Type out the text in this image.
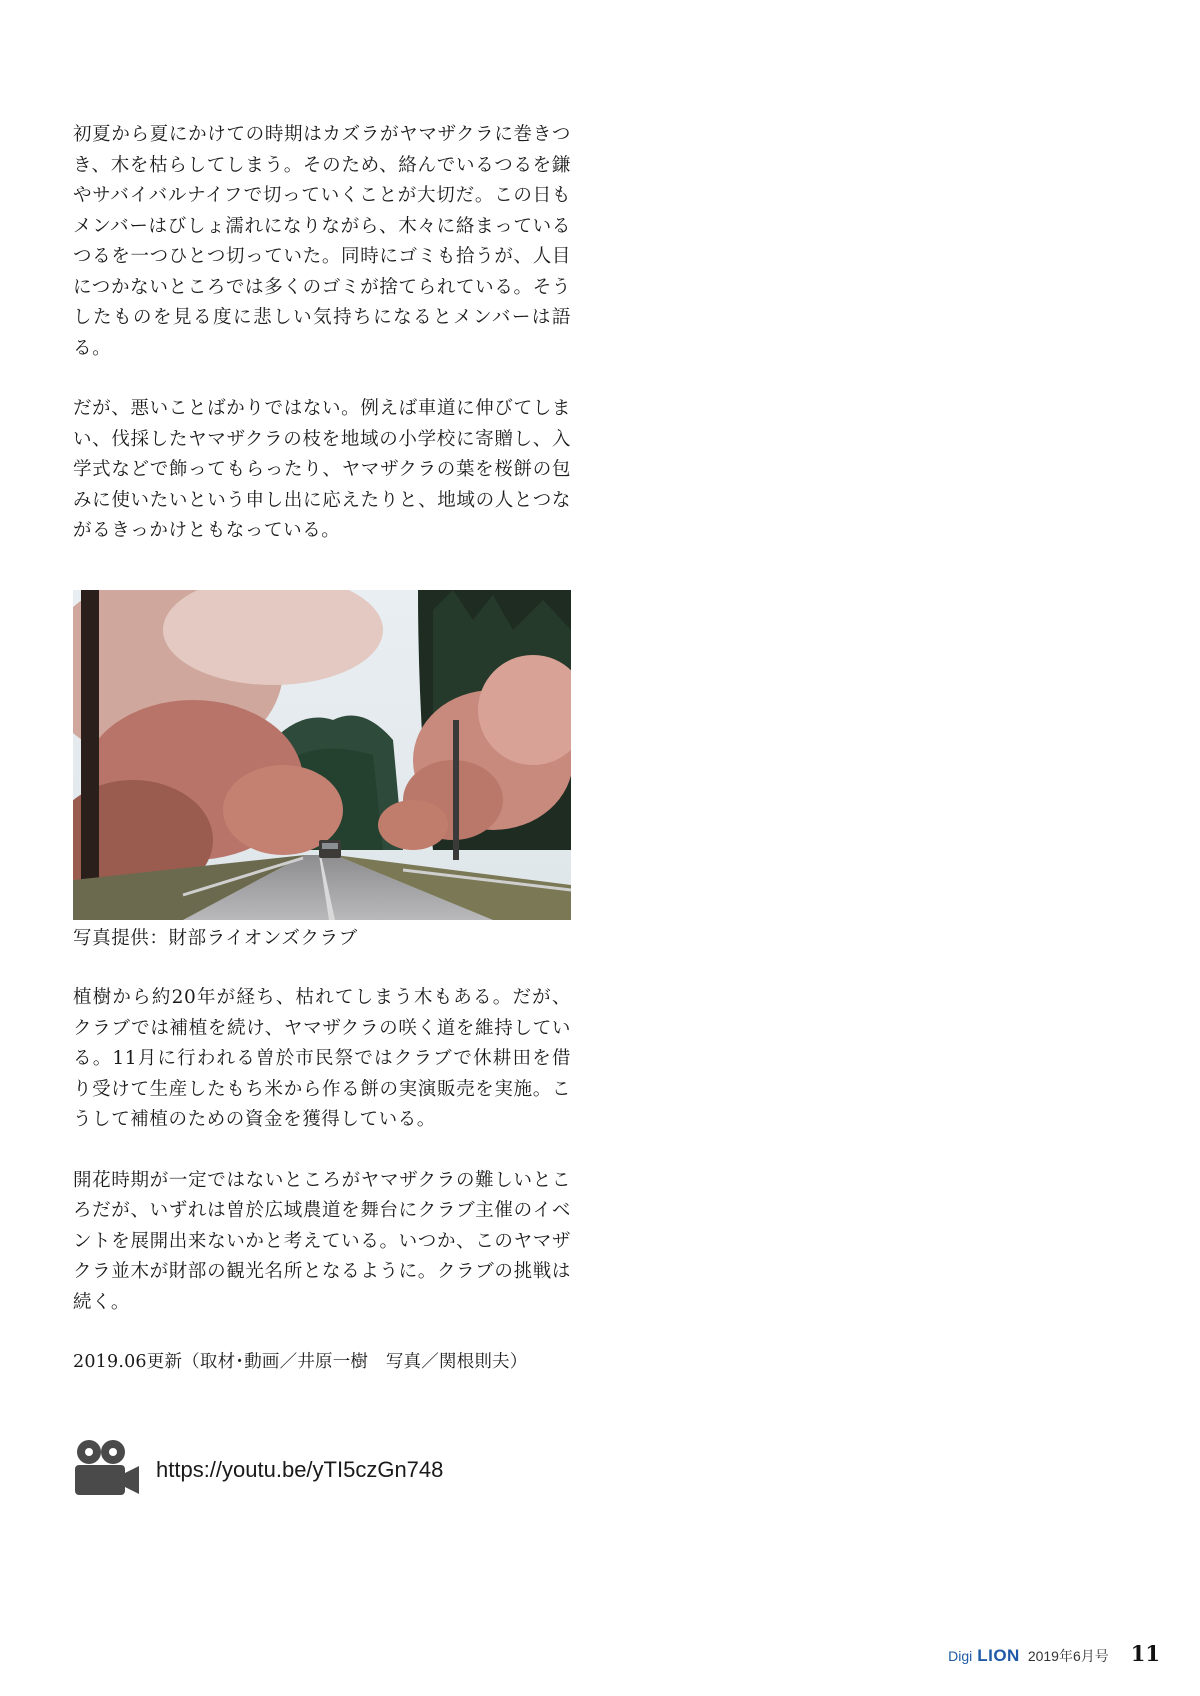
初夏から夏にかけての時期はカズラがヤマザクラに巻きつき、木を枯らしてしまう。そのため、絡んでいるつるを鎌やサバイバルナイフで切っていくことが大切だ。この日もメンバーはびしょ濡れになりながら、木々に絡まっているつるを一つひとつ切っていた。同時にゴミも拾うが、人目につかないところでは多くのゴミが捨てられている。そうしたものを見る度に悲しい気持ちになるとメンバーは語る。

だが、悪いことばかりではない。例えば車道に伸びてしまい、伐採したヤマザクラの枝を地域の小学校に寄贈し、入学式などで飾ってもらったり、ヤマザクラの葉を桜餅の包みに使いたいという申し出に応えたりと、地域の人とつながるきっかけともなっている。

写真提供：財部ライオンズクラブ

植樹から約20年が経ち、枯れてしまう木もある。だが、クラブでは補植を続け、ヤマザクラの咲く道を維持している。11月に行われる曽於市民祭ではクラブで休耕田を借り受けて生産したもち米から作る餅の実演販売を実施。こうして補植のための資金を獲得している。

開花時期が一定ではないところがヤマザクラの難しいところだが、いずれは曽於広域農道を舞台にクラブ主催のイベントを展開出来ないかと考えている。いつか、このヤマザクラ並木が財部の観光名所となるように。クラブの挑戦は続く。

2019.06更新（取材･動画／井原一樹　写真／関根則夫）
https://youtu.be/yTI5czGn748
Digi LION 2019年6月号 11
